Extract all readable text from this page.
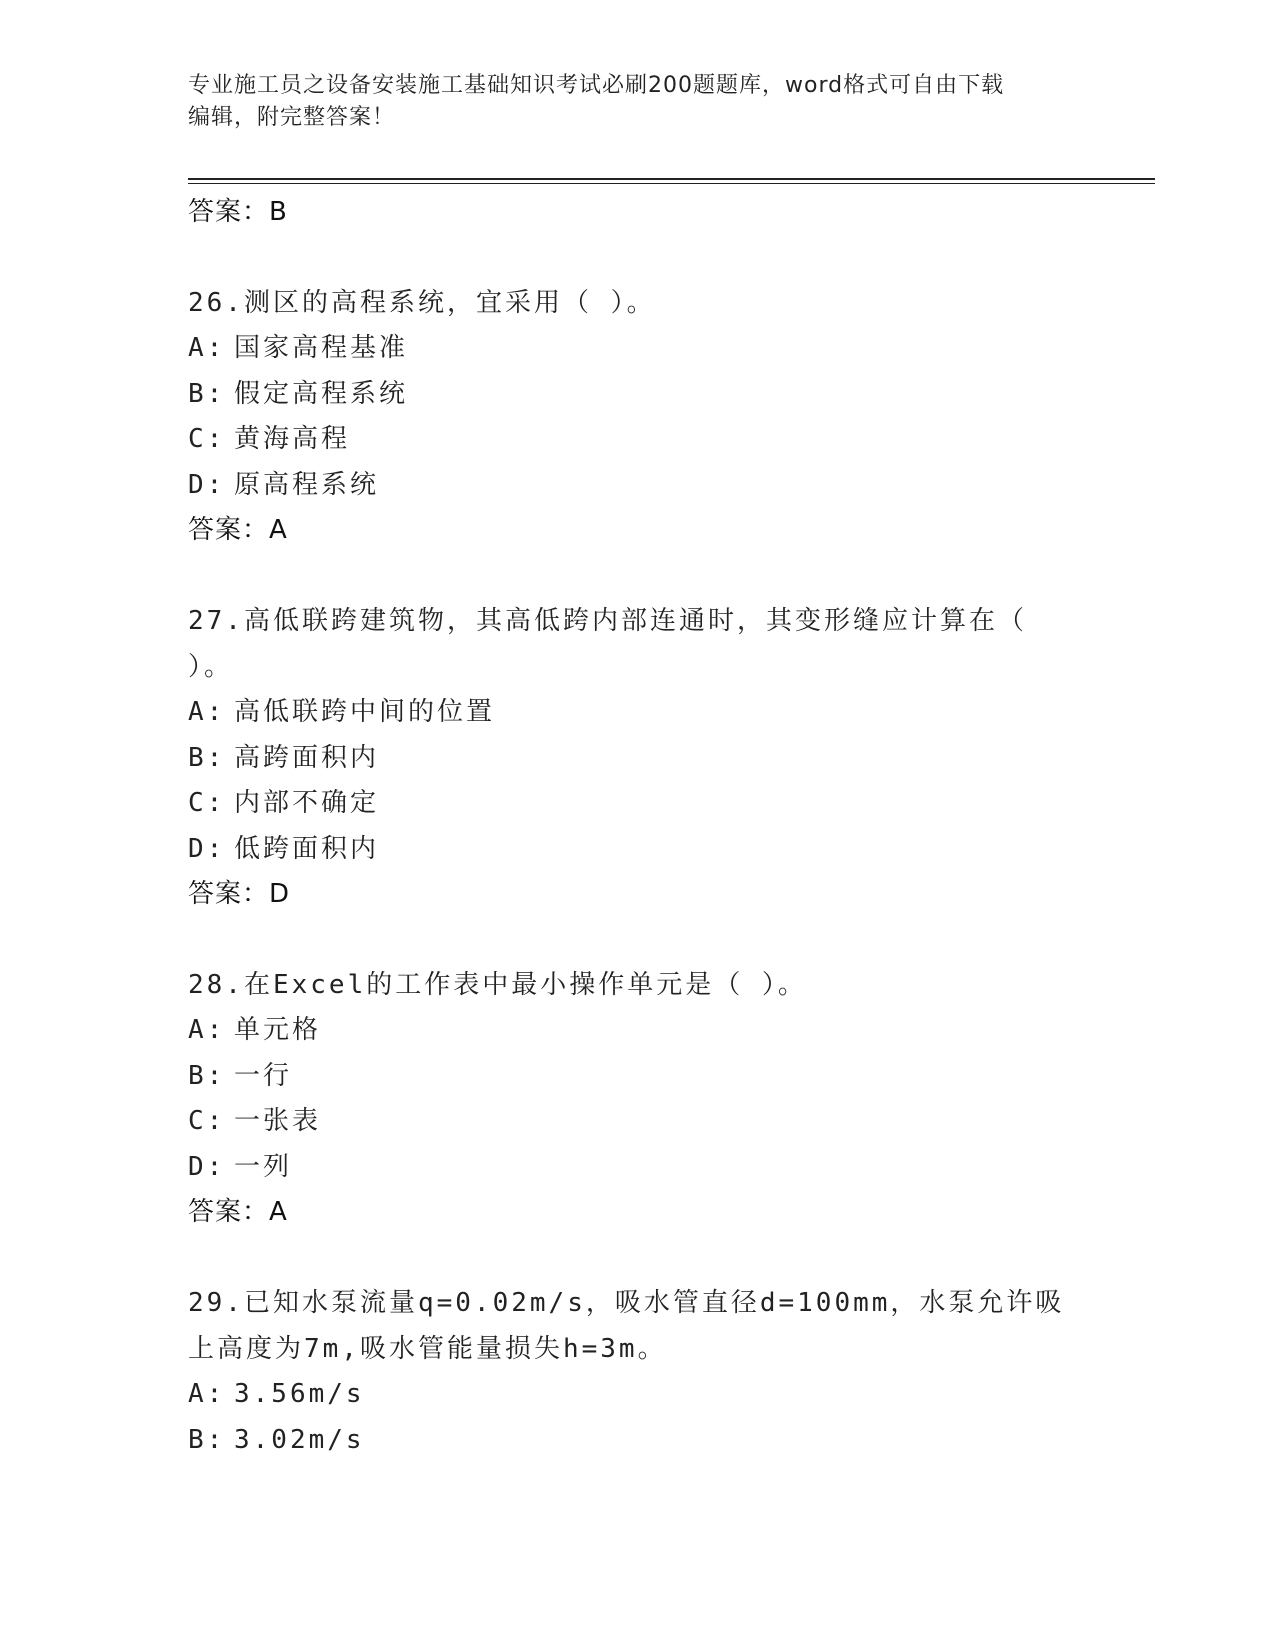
专业施工员之设备安装施工基础知识考试必刷200题题库，word格式可自由下载
编辑，附完整答案！
答案：B
26.测区的高程系统，宜采用（ ）。
A: 国家高程基准
B: 假定高程系统
C: 黄海高程
D: 原高程系统
答案：A
27.高低联跨建筑物，其高低跨内部连通时，其变形缝应计算在（ ）。
A: 高低联跨中间的位置
B: 高跨面积内
C: 内部不确定
D: 低跨面积内
答案：D
28.在Excel的工作表中最小操作单元是（ ）。
A: 单元格
B: 一行
C: 一张表
D: 一列
答案：A
29.已知水泵流量q=0.02m/s，吸水管直径d=100mm，水泵允许吸上高度为7m,吸水管能量损失h=3m。
A: 3.56m/s
B: 3.02m/s
